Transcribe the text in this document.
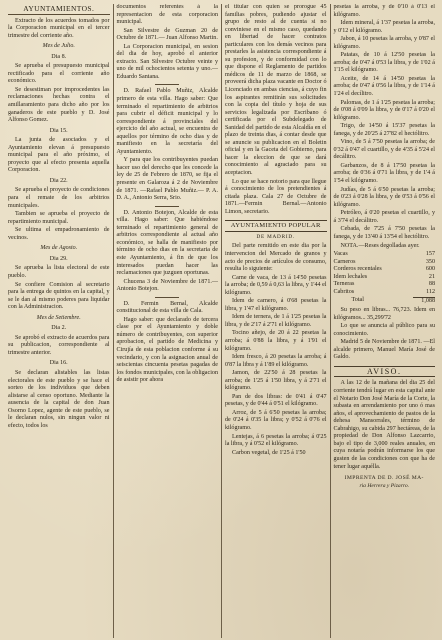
AYUNTAMIENTOS.

Extracto de los acuerdos tomados por la Corporacion municipal en el tercer trimestre del corriente año.

Mes de Julio.
Dia 8.

Se aprueba el presupuesto municipal rectificado para el corriente año económico.

Se desestiman por improcedentes las reclamaciones hechas contra el amillaramiento para dicho año por los ganaderos de este pueblo y D. José Alfonso Gomez.

Dia 15.

La junta de asociados y el Ayuntamiento elevan á presupuesto municipal para el año próximo, el proyecto que al efecto presenta aquella Corporacion.

Dia 22.

Se aprueba el proyecto de condiciones para el remate de los arbitrios municipales.

Tambien se aprueba el proyecto de repartimiento municipal.

Se ultima el empadronamiento de vecinos.

Mes de Agosto.
Dia 29.

Se aprueba la lista electoral de este pueblo.

Se confiere Comision al secretario para la entrega de quintos en la capital, y se le dan al mismo poderes para liquidar con la Administracion.

Mes de Setiembre.
Dia 2.

Se aprobó el extracto de acuerdos para su publicacion, correspondiente al trimestre anterior.

Dia 16.

Se declaran alistables las listas electorales de este pueblo y se hace el sorteo de los individuos que deben alistarse al censo oportuno. Mediante la ausencia de la capital de don Juan Osorno Lopez, agente de este pueblo, se le declaran nulos, sin ningun valor ni efecto, todos los

documentos referentes á la representacion de esta corporacion municipal.

San Silvestre de Guzman 20 de Octubre de 1871.— Juan Alfonso Martin.

La Corporacion municipal, en sesion del dia de hoy, aprobó el anterior extracto. San Silvestre Octubre veinte y uno de mil ochocientos setenta y uno.—Eduardo Santana.

D. Rafael Pablo Muñiz, Alcalde primero de esta villa. Hago saber: Que terminado el repartimiento de arbitrios para cubrir el déficit municipal y lo correspondiente á provinciales del ejercicio del año actual, se encuentra de aquellos por término de ocho dias y de manifiesto en la secretaría del Ayuntamiento.

Y para que los contribuyentes puedan hacer uso del derecho que les concede la ley de 25 de Febrero de 1870, se fija el presente en Galaroza á 2 de Noviembre de 1871. —Rafael Pablo Muñiz.— P. A. D. A., Antonio Serra, Srio.

D. Antonio Botejon, Alcalde de esta villa. Hago saber: Que habiéndose terminado el repartimiento general de arbitrios correspondiente al actual año económico, se halla de manifiesto por término de ocho dias en la secretaria de este Ayuntamiento, á fin de que los interesados puedan hacer las reclamaciones que juzguen oportunas.

Chucena 3 de Noviembre de 1871.—Antonio Botejon.

D. Fermin Bernal, Alcalde constitucional de esta villa de Cala.

Hago saber: que declarado de tercera clase por el Ayuntamiento y doble número de contribuyentes, con superior aprobacion, el partido de Medicina y Cirujía de esta poblacion conforme á su vecindario, y con la asignacion anual de seiscientas cincuenta pesetas pagadas de los fondos municipales, con la obligacion de asistir por ahora

el titular con quien se prorogue 45 familias pobres, pudiendo ajustar el grupo de resto al de cuenta si no conviniese en el mismo caso, quedando en libertad de hacer contratos particulares con los demás vecinos para prestarles la asistencia correspondiente á su profesion, y de conformidad con lo que dispone el Reglamento de partidos médicos de 11 de marzo de 1868, se proveerá dicha plaza vacante en Doctor ó Licenciado en ambas ciencias, á cuyo fin los aspirantes remitirán sus solicitudes con la copia del título y hoja de sus servicios legalizada por Escribano ó certificada por el Subdelegado de Sanidad del partido de esta Alcaldía en el plazo de treinta dias, á contar desde que se anuncie su publicacion en el Boletin oficial y en la Gaceta del Gobierno, para hacer la eleccion de que se dará conocimiento al agraciado para su aceptacion.

Lo que se hace notorio para que llegue á conocimiento de los pretendientes á citada plaza. Cala 27 de Octubre de 1871.—Fermin Bernal.—Antonio Limon, secretario.

AYUNTAMIENTO POPULAR
DE MADRID.

Del parte remitido en este dia por la intervencion del Mercado de granos y acto de precios de artículos de consumo, resulta lo siguiente:

Carne de vaca, de 13 á 14'50 pesetas la arroba; de 0,59 á 0,63 la libra, y 1'44 el kilógramo.

Idem de carnero, á 0'68 pesetas la libra, y 1'47 el kilógramo.

Idem de ternera, de 1 á 1'25 pesetas la libra, y de 2'17 á 2'71 el kilógramo.

Tocino añejo, de 20 á 22 pesetas la arroba; á 0'88 la libra, y á 1'91 el kilógramo.

Idem fresco, á 20 pesetas la arroba; á 0'87 la libra y á 1'89 el kilógramo.

Jamon, de 22'50 á 28 pesetas la arroba; de 1'25 á 1'50 libra, y á 2'71 el kilógramo.

Pan de dos libras: de 0'41 á 0'47 pesetas, y de 0'44 á 0'51 el kilógramo.

Arroz, de 5 á 6'50 pesetas la arroba; de 0'24 á 0'35 la libra; y 0'52 á 0'76 el kilógramo.

Lentejas, á 6 pesetas la arroba; á 0'25 la libra, y á 0'52 el kilógramo.

Carbon vegetal, de 1'25 á 1'50

pesetas la arroba, y de 0'10 á 0'13 el kilógramo.

Idem mineral, á 1'37 pesetas la arroba, y 0'12 el kilógramo.

Jabon, á 10 pesetas la arroba, y 0'87 el kilógramo.

Patatas, de 10 á 12'50 pesetas la arroba; de 0'47 á 0'53 la libra, y de 1'02 á 1'15 el kilógramo.

Aceite, de 14 á 14'50 pesetas la arroba; de 0'47 á 0'56 la libra, y de 1'14 á 1'24 el decílitro.

Palomas, de 1 á 1'25 pesetas la arroba; de 0'08 á 0'09 la libra, y de 0'17 á 0'20 el kilógramo.

Trigo, de 14'50 á 15'37 pesetas la fanega, y de 20'25 á 27'82 el hectólitro.

Vino, de 5 á 7'50 pesetas la arroba; de 0'32 á 0'47 el cuartillo, y de 4'35 á 5'24 el decálitro.

Garbanzos, de 8 á 17'50 pesetas la arroba; de 0'36 á 0'71 la libra, y de 1'4 á 1'54 el kilógramo.

Judías, de 5 á 6'50 pesetas la arroba; de 0'23 á 0'28 la libra, y de 0'53 á 0'56 el kilógramo.

Petróleo, á 0'20 pesetas el cuartillo, y á 3'74 el decálitro.

Cebada, de 7'25 á 7'50 pesetas la fanega, y de 13'40 á 13'54 el hectólitro.

NOTA.—Reses degolladas ayer.

Vacas	157
Carneros	350
Corderos recentales	600
Idem lechales	21
Terneras	88
Cabritos	112
Total	1,088

Su peso en libras... 76,723. Idem en kilógramos... 35,299'72

Lo que se anuncia al público para su conocimiento.

Madrid 5 de Noviembre de 1871. —El alcalde primero, Manuel María José de Galdo.

AVISO.

A las 12 de la mañana del dia 25 del corriente tendrá lugar en esta capital ante el Notario Don José María de la Corte, la subasta en arrendamiento por uno ó mas años, el aprovechamiento de pastos de la dehesa Mansorrales, término de Cabrahigo, su cabida 297 hectáreas, de la propiedad de Don Alfonso Lazcarrio, bajo el tipo de 3,000 reales anuales, en cuya notaría podrán informarse los que gusten de las condiciones con que ha de tener lugar aquélla.

IMPRENTA DE D. JOSÉ MA-
ria Herrera y Pizarro.
